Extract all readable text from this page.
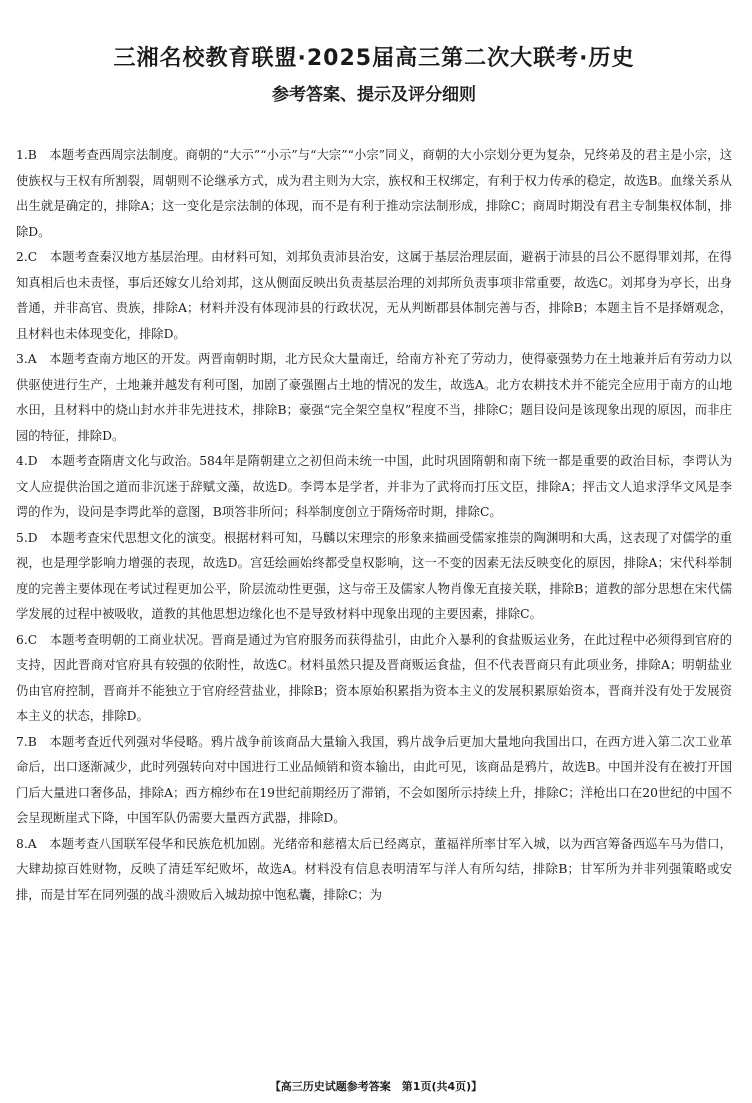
三湘名校教育联盟·2025届高三第二次大联考·历史
参考答案、提示及评分细则

1.B　 本题考查西周宗法制度。商朝的“大示”“小示”与“大宗”“小宗”同义，商朝的大小宗划分更为复杂，兄终弟及的君主是小宗，这使族权与王权有所割裂，周朝则不论继承方式，成为君主则为大宗，族权和王权绑定，有利于权力传承的稳定，故选B。血缘关系从出生就是确定的，排除A；这一变化是宗法制的体现，而不是有利于推动宗法制形成，排除C；商周时期没有君主专制集权体制，排除D。

2.C　 本题考查秦汉地方基层治理。由材料可知，刘邦负责沛县治安，这属于基层治理层面，避祸于沛县的吕公不愿得罪刘邦，在得知真相后也未责怪，事后还嫁女儿给刘邦，这从侧面反映出负责基层治理的刘邦所负责事项非常重要，故选C。刘邦身为亭长，出身普通，并非高官、贵族，排除A；材料并没有体现沛县的行政状况，无从判断郡县体制完善与否，排除B；本题主旨不是择婿观念，且材料也未体现变化，排除D。

3.A　 本题考查南方地区的开发。两晋南朝时期，北方民众大量南迁，给南方补充了劳动力，使得豪强势力在土地兼并后有劳动力以供驱使进行生产，土地兼并越发有利可图，加剧了豪强圈占土地的情况的发生，故选A。北方农耕技术并不能完全应用于南方的山地水田，且材料中的烧山封水并非先进技术，排除B；豪强“完全架空皇权”程度不当，排除C；题目设问是该现象出现的原因，而非庄园的特征，排除D。

4.D　 本题考查隋唐文化与政治。584年是隋朝建立之初但尚未统一中国，此时巩固隋朝和南下统一都是重要的政治目标，李谔认为文人应提供治国之道而非沉迷于辞赋文藻，故选D。李谔本是学者，并非为了武将而打压文臣，排除A；抨击文人追求浮华文风是李谔的作为，设问是李谔此举的意图，B项答非所问；科举制度创立于隋炀帝时期，排除C。

5.D　 本题考查宋代思想文化的演变。根据材料可知，马麟以宋理宗的形象来描画受儒家推崇的陶渊明和大禹，这表现了对儒学的重视，也是理学影响力增强的表现，故选D。宫廷绘画始终都受皇权影响，这一不变的因素无法反映变化的原因，排除A；宋代科举制度的完善主要体现在考试过程更加公平，阶层流动性更强，这与帝王及儒家人物肖像无直接关联，排除B；道教的部分思想在宋代儒学发展的过程中被吸收，道教的其他思想边缘化也不是导致材料中现象出现的主要因素，排除C。

6.C　 本题考查明朝的工商业状况。晋商是通过为官府服务而获得盐引，由此介入暴利的食盐贩运业务，在此过程中必须得到官府的支持，因此晋商对官府具有较强的依附性，故选C。材料虽然只提及晋商贩运食盐，但不代表晋商只有此项业务，排除A；明朝盐业仍由官府控制，晋商并不能独立于官府经营盐业，排除B；资本原始积累指为资本主义的发展积累原始资本，晋商并没有处于发展资本主义的状态，排除D。

7.B　 本题考查近代列强对华侵略。鸦片战争前该商品大量输入我国，鸦片战争后更加大量地向我国出口，在西方进入第二次工业革命后，出口逐渐减少，此时列强转向对中国进行工业品倾销和资本输出，由此可见，该商品是鸦片，故选B。中国并没有在被打开国门后大量进口奢侈品，排除A；西方棉纱布在19世纪前期经历了滞销，不会如图所示持续上升，排除C；洋枪出口在20世纪的中国不会呈现断崖式下降，中国军队仍需要大量西方武器，排除D。

8.A　 本题考查八国联军侵华和民族危机加剧。光绪帝和慈禧太后已经离京，董福祥所率甘军入城，以为西宫筹备西巡车马为借口，大肆劫掠百姓财物，反映了清廷军纪败坏，故选A。材料没有信息表明清军与洋人有所勾结，排除B；甘军所为并非列强策略或安排，而是甘军在同列强的战斗溃败后入城劫掠中饱私囊，排除C；为

【高三历史试题参考答案　第1页(共4页)】
